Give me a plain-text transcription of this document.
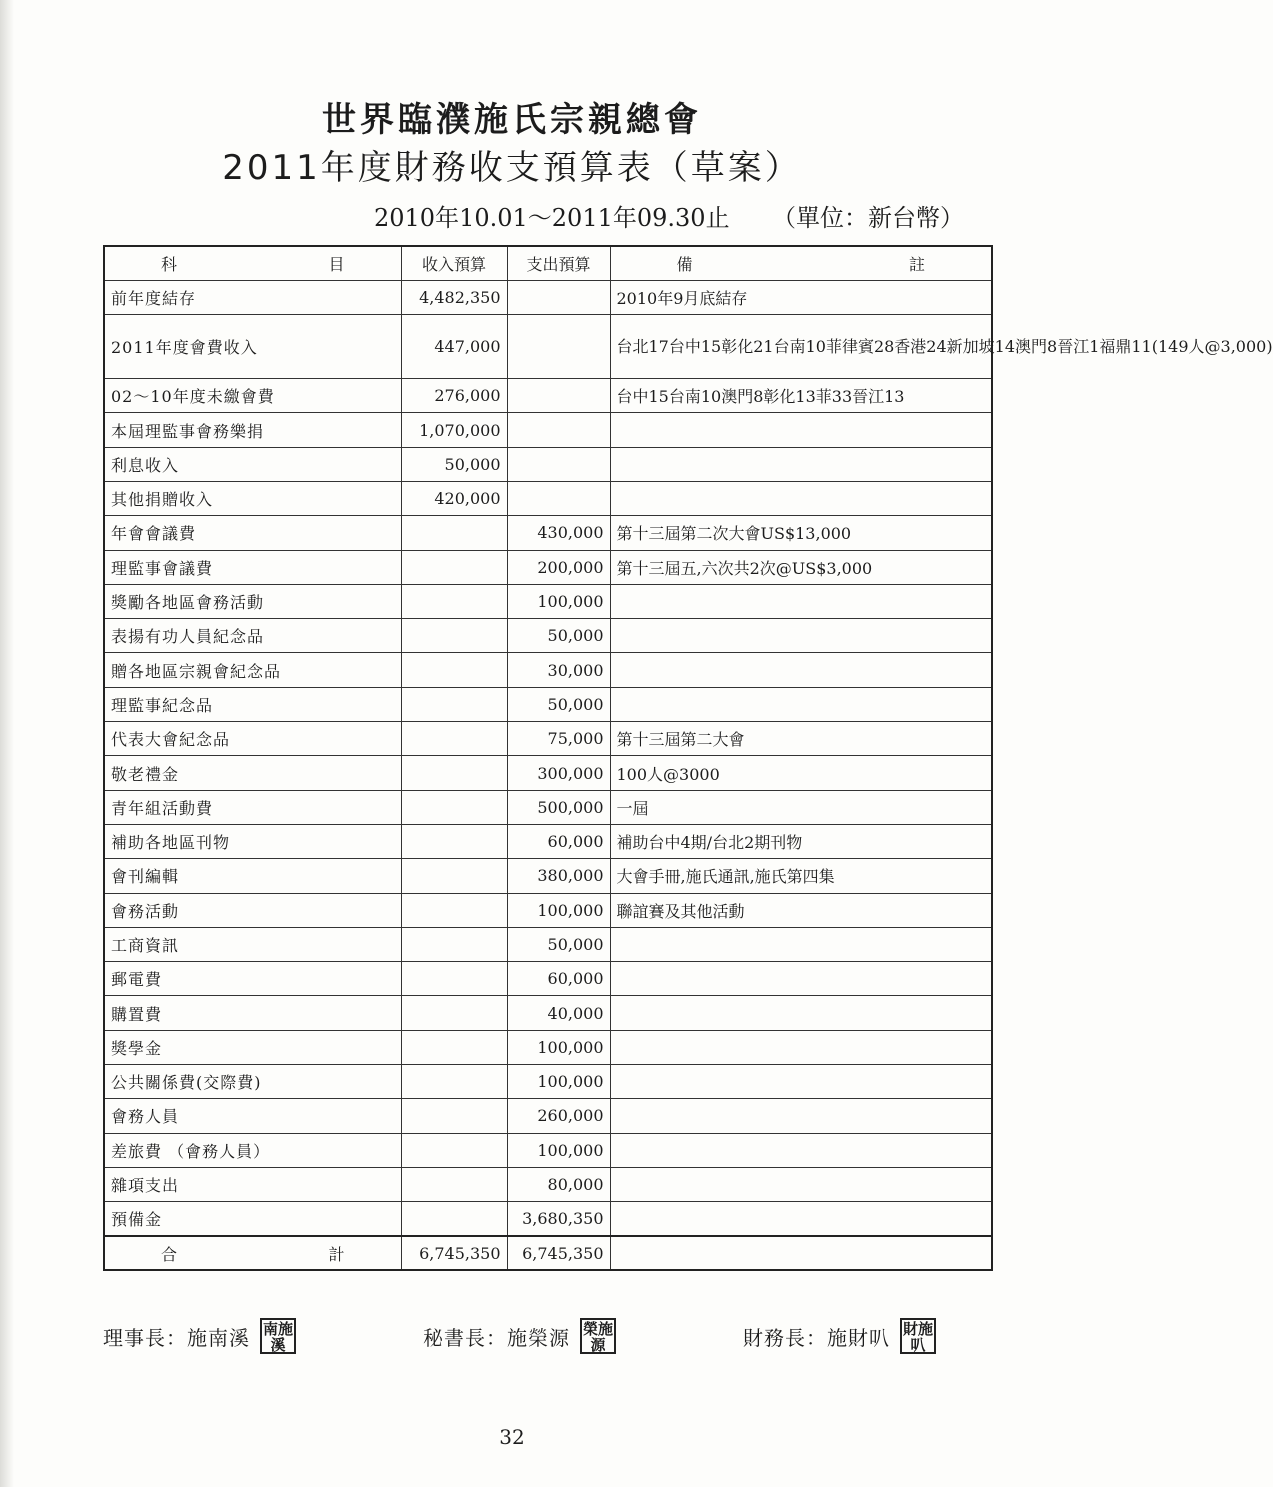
世界臨濮施氏宗親總會
2011年度財務收支預算表（草案）
2010年10.01～2011年09.30止 （單位：新台幣）
科 目	收入預算	支出預算	備 註

前年度結存	4,482,350		2010年9月底結存
2011年度會費收入	447,000		台北17台中15彰化21台南10菲律賓28香港24新加坡14澳門8晉江1福鼎11(149人@3,000)
02～10年度未繳會費	276,000		台中15台南10澳門8彰化13菲33晉江13
本屆理監事會務樂捐	1,070,000		
利息收入	50,000		
其他捐贈收入	420,000		
年會會議費		430,000	第十三屆第二次大會US$13,000
理監事會議費		200,000	第十三屆五,六次共2次@US$3,000
獎勵各地區會務活動		100,000	
表揚有功人員紀念品		50,000	
贈各地區宗親會紀念品		30,000	
理監事紀念品		50,000	
代表大會紀念品		75,000	第十三屆第二大會
敬老禮金		300,000	100人@3000
青年組活動費		500,000	一屆
補助各地區刊物		60,000	補助台中4期/台北2期刊物
會刊編輯		380,000	大會手冊,施氏通訊,施氏第四集
會務活動		100,000	聯誼賽及其他活動
工商資訊		50,000	
郵電費		60,000	
購置費		40,000	
獎學金		100,000	
公共關係費(交際費)		100,000	
會務人員		260,000	
差旅費 （會務人員）		100,000	
雜項支出		80,000	
預備金		3,680,350	

合 計	6,745,350	6,745,350	
理事長：施南溪 南施溪	秘書長：施榮源 榮施源	財務長：施財叭 財施叭
32
